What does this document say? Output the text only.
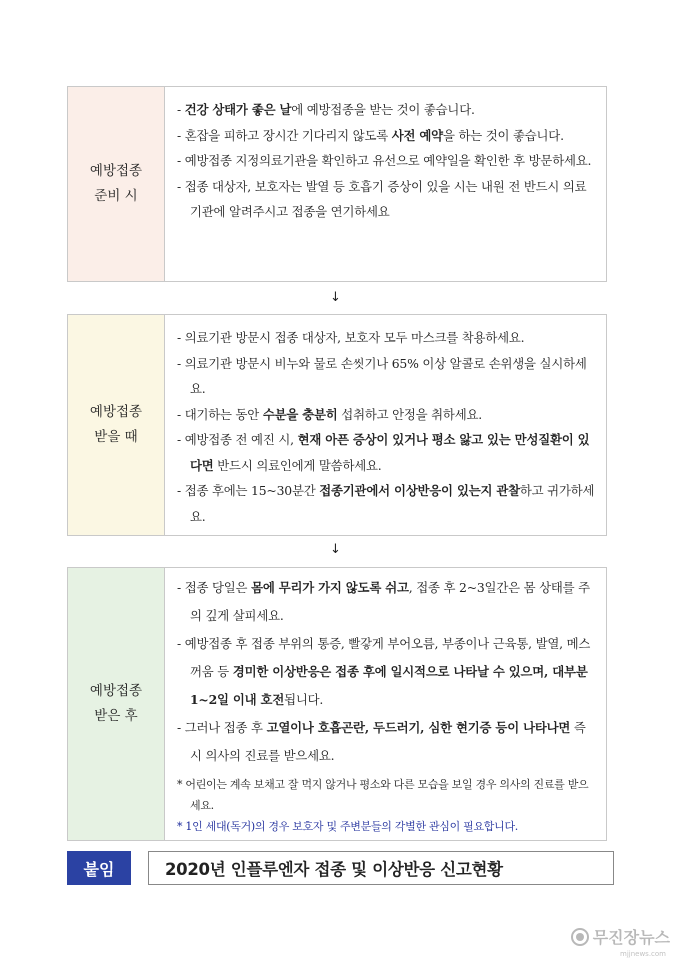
예방접종
준비 시
- 건강 상태가 좋은 날에 예방접종을 받는 것이 좋습니다.
- 혼잡을 피하고 장시간 기다리지 않도록 사전 예약을 하는 것이 좋습니다.
- 예방접종 지정의료기관을 확인하고 유선으로 예약일을 확인한 후 방문하세요.
- 접종 대상자, 보호자는 발열 등 호흡기 증상이 있을 시는 내원 전 반드시 의료기관에 알려주시고 접종을 연기하세요
↓
예방접종
받을 때
- 의료기관 방문시 접종 대상자, 보호자 모두 마스크를 착용하세요.
- 의료기관 방문시 비누와 물로 손씻기나 65% 이상 알콜로 손위생을 실시하세요.
- 대기하는 동안 수분을 충분히 섭취하고 안정을 취하세요.
- 예방접종 전 예진 시, 현재 아픈 증상이 있거나 평소 앓고 있는 만성질환이 있다면 반드시 의료인에게 말씀하세요.
- 접종 후에는 15~30분간 접종기관에서 이상반응이 있는지 관찰하고 귀가하세요.
↓
예방접종
받은 후
- 접종 당일은 몸에 무리가 가지 않도록 쉬고, 접종 후 2~3일간은 몸 상태를 주의 깊게 살피세요.
- 예방접종 후 접종 부위의 통증, 빨갛게 부어오름, 부종이나 근육통, 발열, 메스꺼움 등 경미한 이상반응은 접종 후에 일시적으로 나타날 수 있으며, 대부분 1~2일 이내 호전됩니다.
- 그러나 접종 후 고열이나 호흡곤란, 두드러기, 심한 현기증 등이 나타나면 즉시 의사의 진료를 받으세요.
* 어린이는 계속 보채고 잘 먹지 않거나 평소와 다른 모습을 보일 경우 의사의 진료를 받으세요.
* 1인 세대(독거)의 경우 보호자 및 주변분들의 각별한 관심이 필요합니다.
붙임	2020년 인플루엔자 접종 및 이상반응 신고현황
무진장뉴스
mjjnews.com
